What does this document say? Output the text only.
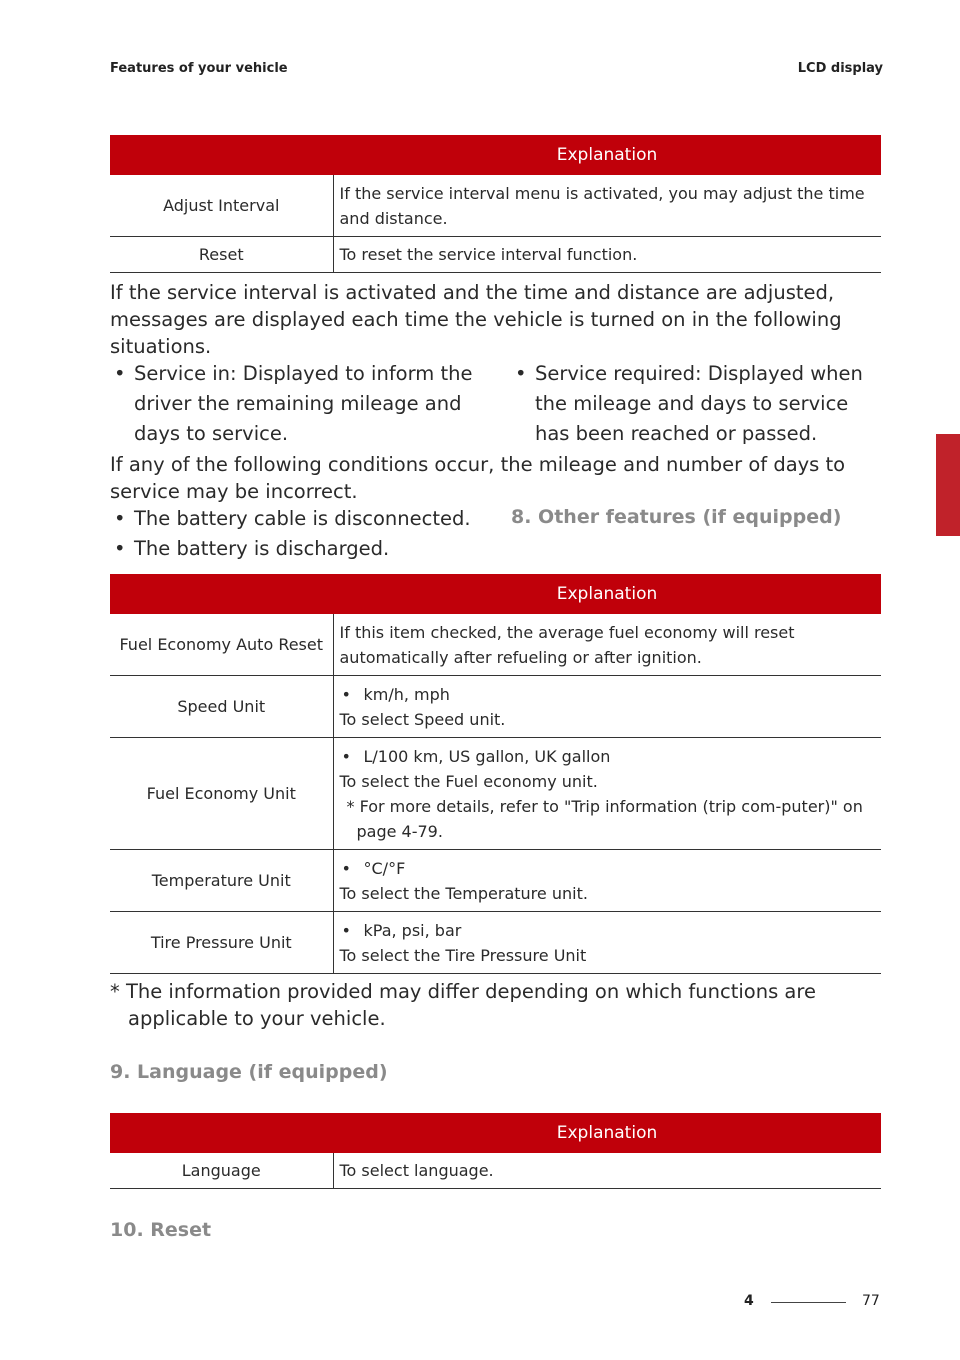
Features of your vehicle	LCD display
4
	Explanation
Adjust Interval	If the service interval menu is activated, you may adjust the time and distance.
Reset	To reset the service interval function.
If the service interval is activated and the time and distance are adjusted, messages are displayed each time the vehicle is turned on in the following situations.
• Service in: Displayed to inform the driver the remaining mileage and days to service.
• Service required: Displayed when the mileage and days to service has been reached or passed.
If any of the following conditions occur, the mileage and number of days to service may be incorrect.
• The battery cable is disconnected.
• The battery is discharged.
8. Other features (if equipped)
	Explanation
Fuel Economy Auto Reset	If this item checked, the average fuel economy will reset automatically after refueling or after ignition.
Speed Unit	• km/h, mph
To select Speed unit.

Fuel Economy Unit	• L/100 km, US gallon, UK gallon
To select the Fuel economy unit.
* For more details, refer to "Trip information (trip com-puter)" on page 4-79.

Temperature Unit	• °C/°F
To select the Temperature unit.

Tire Pressure Unit	• kPa, psi, bar
To select the Tire Pressure Unit
* The information provided may differ depending on which functions are applicable to your vehicle.
9. Language (if equipped)
	Explanation
Language	To select language.
10. Reset
4	77
